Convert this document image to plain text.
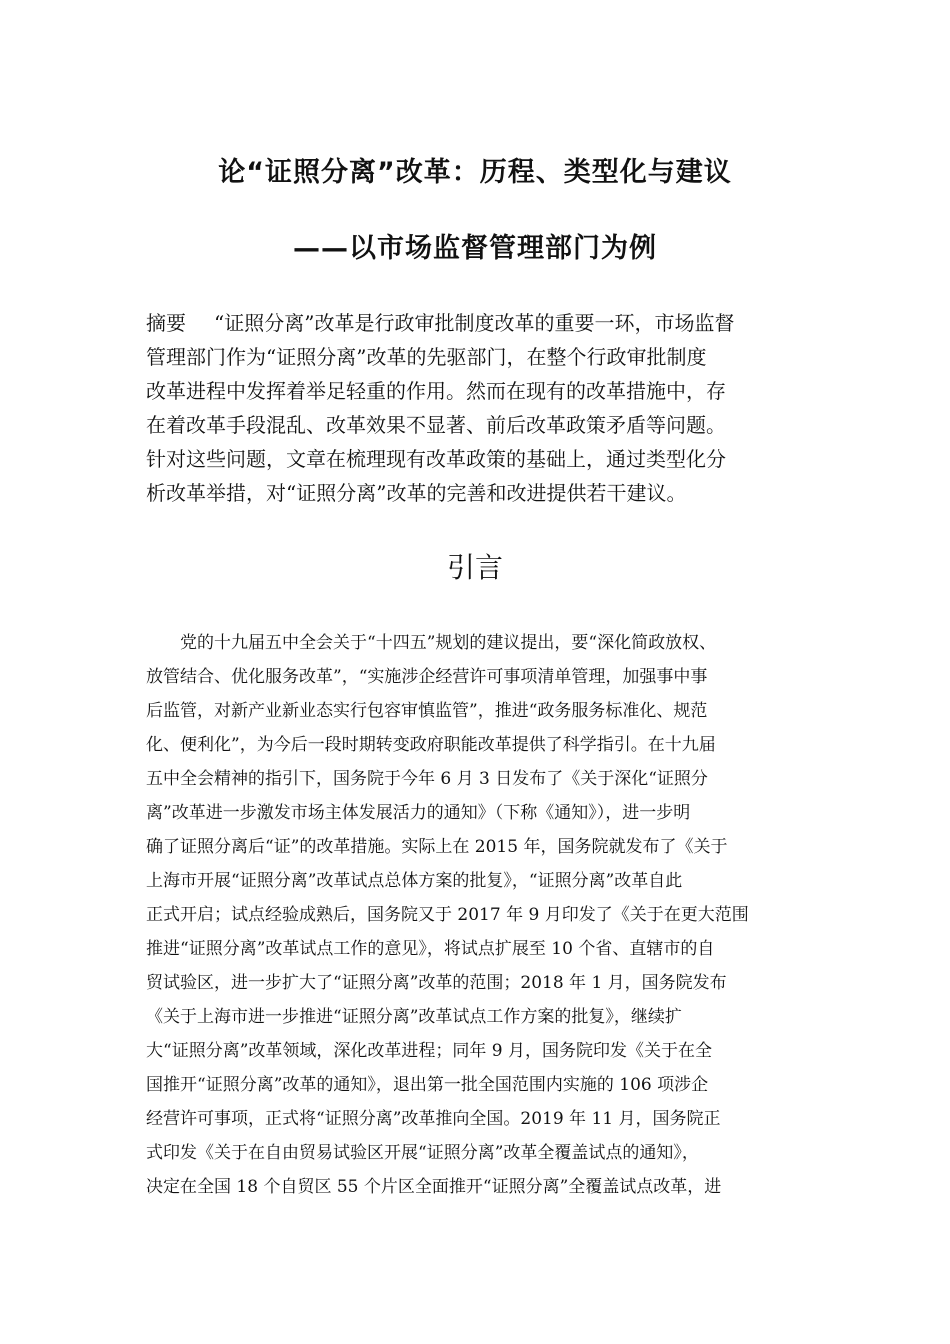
论“证照分离”改革：历程、类型化与建议
——以市场监督管理部门为例
摘要 “证照分离”改革是行政审批制度改革的重要一环，市场监督
管理部门作为“证照分离”改革的先驱部门，在整个行政审批制度
改革进程中发挥着举足轻重的作用。然而在现有的改革措施中，存
在着改革手段混乱、改革效果不显著、前后改革政策矛盾等问题。
针对这些问题，文章在梳理现有改革政策的基础上，通过类型化分
析改革举措，对“证照分离”改革的完善和改进提供若干建议。
引言
　　党的十九届五中全会关于“十四五”规划的建议提出，要“深化简政放权、
放管结合、优化服务改革”，“实施涉企经营许可事项清单管理，加强事中事
后监管，对新产业新业态实行包容审慎监管”，推进“政务服务标准化、规范
化、便利化”，为今后一段时期转变政府职能改革提供了科学指引。在十九届
五中全会精神的指引下，国务院于今年 6 月 3 日发布了《关于深化“证照分
离”改革进一步激发市场主体发展活力的通知》（下称《通知》），进一步明
确了证照分离后“证”的改革措施。实际上在 2015 年，国务院就发布了《关于
上海市开展“证照分离”改革试点总体方案的批复》，“证照分离”改革自此
正式开启；试点经验成熟后，国务院又于 2017 年 9 月印发了《关于在更大范围
推进“证照分离”改革试点工作的意见》，将试点扩展至 10 个省、直辖市的自
贸试验区，进一步扩大了“证照分离”改革的范围；2018 年 1 月，国务院发布
《关于上海市进一步推进“证照分离”改革试点工作方案的批复》，继续扩
大“证照分离”改革领域，深化改革进程；同年 9 月，国务院印发《关于在全
国推开“证照分离”改革的通知》，退出第一批全国范围内实施的 106 项涉企
经营许可事项，正式将“证照分离”改革推向全国。2019 年 11 月，国务院正
式印发《关于在自由贸易试验区开展“证照分离”改革全覆盖试点的通知》，
决定在全国 18 个自贸区 55 个片区全面推开“证照分离”全覆盖试点改革，进
